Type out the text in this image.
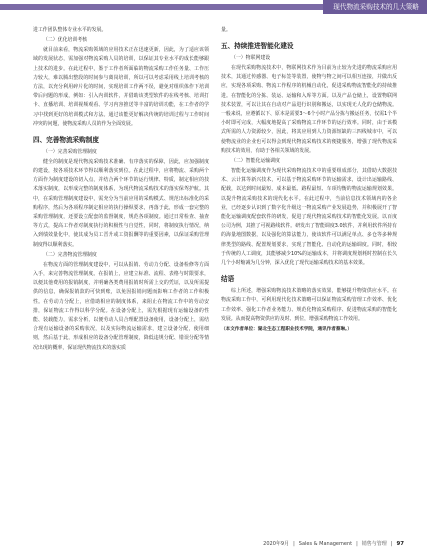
现代物流采购技术的几大策略

进工作团队整体专业水平的发展。

（二）优化培训考核

就目前来看，物流采购领域的应用技术正在迅速更新，因此，为了适应该领域的发展状态，需加强对物流采购人员的培训，以保证其专业水平的成长能够跟上技术的进步。在此过程中，鉴于工作者所面临的物流采购工作任务量、工作压力较大，难以腾出整段的时间参与离岗培训，所以可以考虑采用线上培训考核的方法，以充分利用碎片化的时间，实现培训工作两不误，避免对组织体作下培训带后问题的形成，例如：引入内训软件，并借助该类型软件的在线考核、培训打卡、直播培训、培训视频观看、学习内容推送等丰富的培训功能，在工作者的学习中找到更好的培训模式和方法。通过该能更好解决传统的培训过程与工作时间冲突的问题，使物流采购人员的作为全面发展。

四、完善物流采购制度
（一）完善采购管理制度

健全的制度是现代物流采购技术准确、有序落实的保障，因此，应加强制度的建设，按各项技术环节得以顺利落实到位。在此过程中，应将物流、采购两个方面作为制度建设的切入点，并结合两个环节的运行规律、特质，制定相应的技术落实制度，以形成完整的制度体系，为现代物流采购技术的落实保驾护航。其中，在采购管理制度建设中，需充分为当前应用的采购模式、规范出标准化的采购程序，然后为各项程序制定相应的执行操纵要求，再落于此，形成一套完整的采购管理制度，还要设立配套的监督制度，规范各项制度。通过日常检查、抽查等方式，提高工作者对制度执行的积极性与自觉性，同时，将制度执行情况，纳入到绩效量化中，使其成为员工晋升或工资报酬等的重要因素，以保证采购管理制度得以顺利落实。

（二）完善物流管理制度

在物流方面的管理制度建设中，可以从报销、劳动力分配、设备检修等方面入手，来完善物流管理制度。在报销上，应建立标准、流程、表格与时限要求，以便其他费用的报销制度，并明确各类费用报销时所需上交的凭证，以及所需提供的信息，确保报销款的可快到账，以免因报销问题而影响工作者的工作积极性。在劳动力分配上，应借助相应的制度体系，来阻止在物流工作中的劳动安排，保证物流工作得以科学分配。在设备分配上，需先根据现有运输设备的性能、装载能力，需求分析，以便劳动人员合理配置设备使用，设备分配上，需结合现有运输设备的采购状况，以及实际物流运输需求，建立设备分配，使用细则，然后基于此，形成相应的设备分配管理制度，降低违规分配、错误分配等情况出现的概率，保证现代物流技术的落实质

量。

五、持续推进智能化建设
（一）物联网建设

在现代采购物流技术中，物联网技术作为目前为止较为先进的物流采购应用技术，其通过传感器、电子标签等装置，使物与物之间可以相互连接，并做出反应，实现各项采购、物流工作程序的机械自动化，促进采购物流智能化的持续推进。在智能化的分拣、装运、运输和入库等方面。以及产品仓储上，设置物联网技术装置，可以让其在自动对产品进行识别和搬运，以实现无人化的仓储物流。一般来说，应遵循以下、原本是需要3～6个小时产品分拣与搬运任务，仅需1个半小时即可完成，大幅度地提高了采购物流工作环节的运行效率。同时，由于该模式所需的人力资源较少，因此，将其应用到人力资源短缺的三四线城市中，可以使物流业的企业也可以得会到现代物流采购技术的便捷服务，增强了现代物流采购技术的效用，有助于各相关领域的发展。

（二）智能化运输调度

智能化运输调度作为现代采购物流技术中的重要组成部分，其借助大数据技术、云计算等新兴技术，可以基于物流采购环节的运输需求，设计出运输路线、配载，以达到时间最短、成本最低、路程最短、车项均衡的物流运输规划效果。以提升物流采购技术的现代化水平。在此过程中，当前信息技术领域内的各企业，已经逐步认识到了数字化升级这一物流采购产业发展趋势，并积极展开了智能化运输调度配套软件的研发，促进了现代物流采购技术的智能化发展。以百度公司为例，其推了可视路线软件。研发出了智能调度3.0软件，并利用软件所持有的海量地图数据，以及强化的算法能力，使该软件可以满足单点、多仓等多种规律类型的路线、配置规划要求，实现了智能化、自动化的运输调度。同时，相较于传统的人工调度，其能够减少10%的运输成本，并将调度规划耗时控制在长久几个小时缩减为几分钟，深入优化了现代运输采购技术的基本效果。

结语

综上所述，增强采购物流技术策略的落实效果，能够提升物资供应水平。在物流采购工作中，可利用现代化技术策略可以保证物流采购管理工作效率、优化工作效率、强化工作者业务能力、规范化物流采购程序、促进物流采购的智能化发展。从而提高物资供应的及时、到位，增强采购物流工作效用。

（本文作者单位：湖北生态工程职业技术学院，通讯作者蔡琳。）
2020年9月 | Sales & Management | 销售与管理 | 97
